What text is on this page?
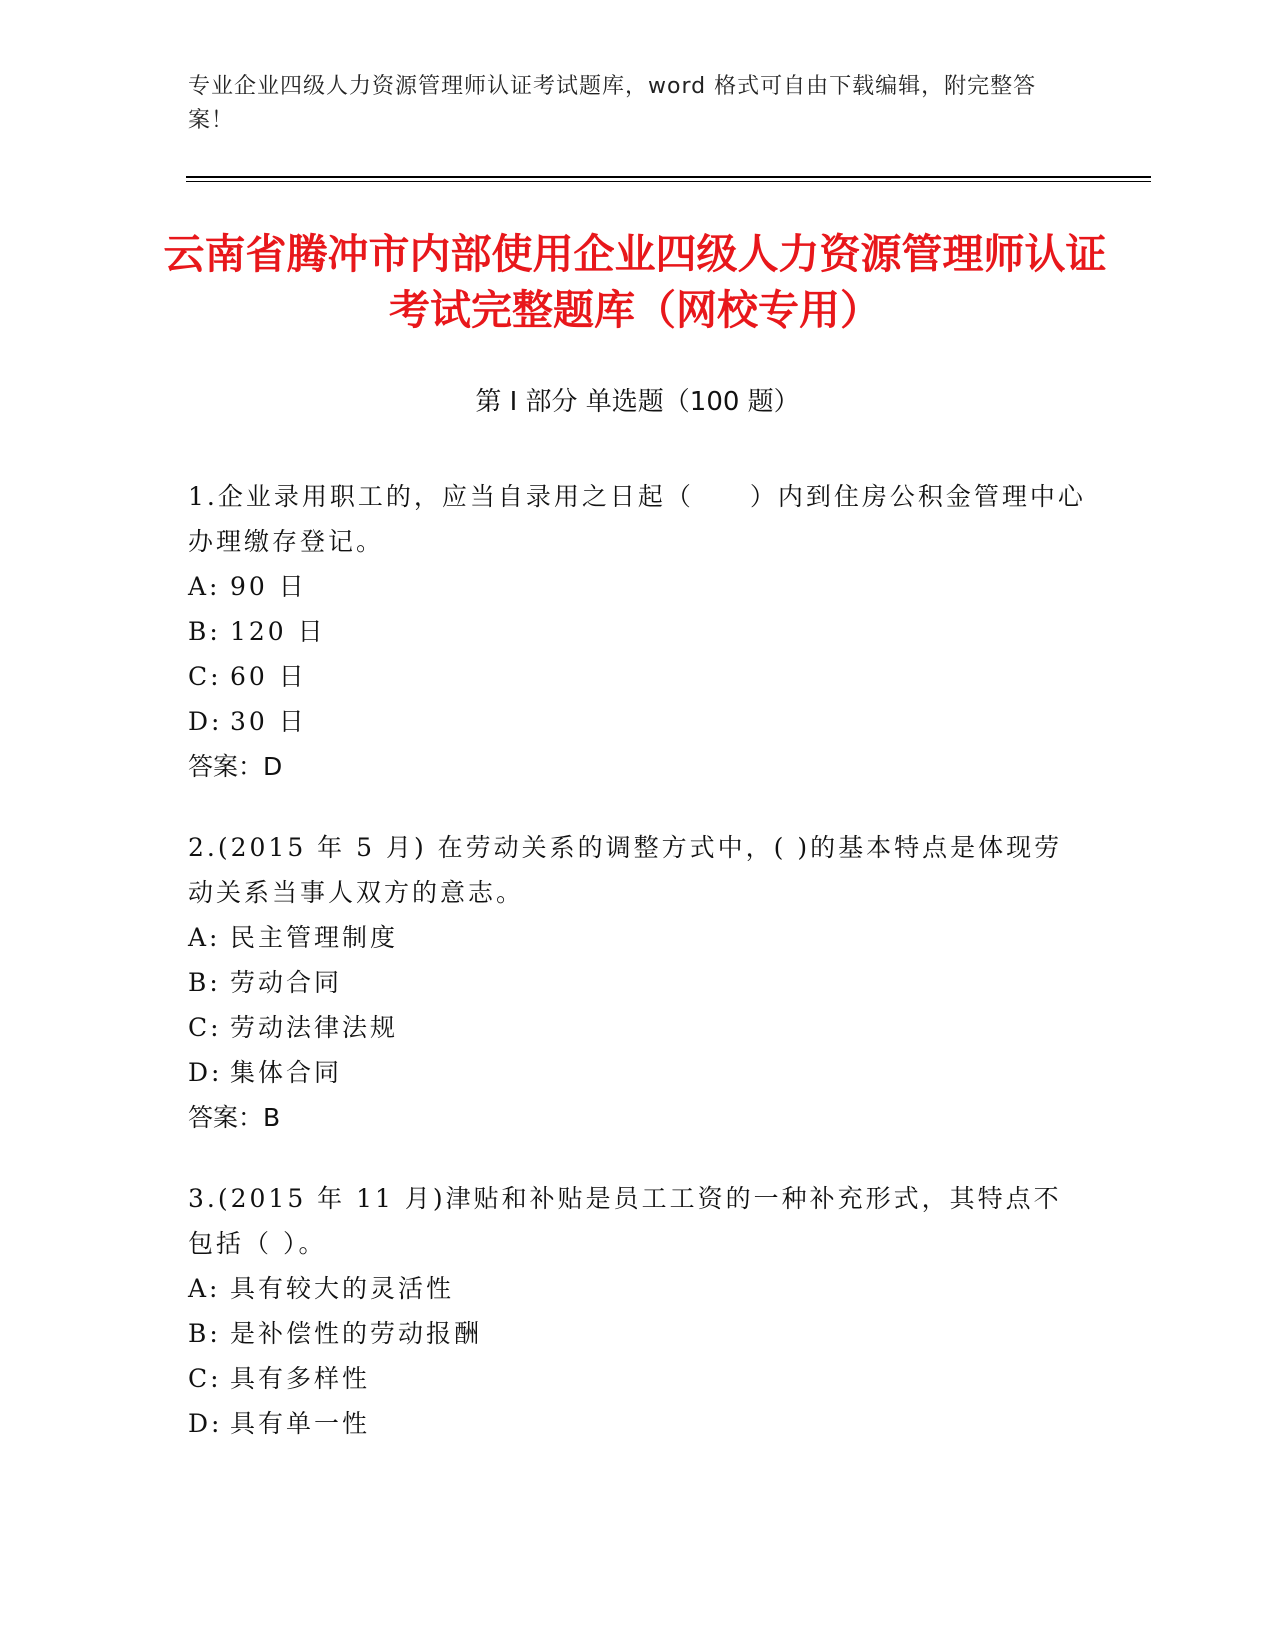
专业企业四级人力资源管理师认证考试题库，word 格式可自由下载编辑，附完整答案！
云南省腾冲市内部使用企业四级人力资源管理师认证考试完整题库（网校专用）
第 I 部分 单选题（100 题）

1.企业录用职工的，应当自录用之日起（　　）内到住房公积金管理中心办理缴存登记。

A: 90 日

B: 120 日

C: 60 日

D: 30 日

答案：D

2.(2015 年 5 月) 在劳动关系的调整方式中，( )的基本特点是体现劳动关系当事人双方的意志。

A: 民主管理制度

B: 劳动合同

C: 劳动法律法规

D: 集体合同

答案：B

3.(2015 年 11 月)津贴和补贴是员工工资的一种补充形式，其特点不包括（ ）。

A: 具有较大的灵活性

B: 是补偿性的劳动报酬

C: 具有多样性

D: 具有单一性
